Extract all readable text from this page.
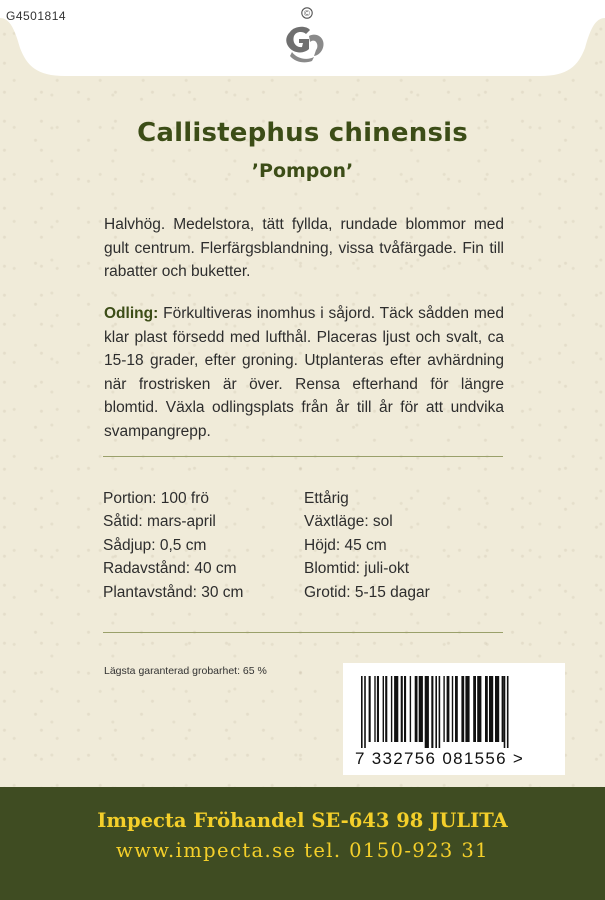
G4501814	©
Callistephus chinensis
’Pompon’
Halvhög. Medelstora, tätt fyllda, rundade blommor med gult centrum. Flerfärgsblandning, vissa tvåfärgade. Fin till rabatter och buketter.
Odling: Förkultiveras inomhus i såjord. Täck sådden med klar plast försedd med lufthål. Placeras ljust och svalt, ca 15-18 grader, efter groning. Utplanteras efter avhärdning när frostrisken är över. Rensa efterhand för längre blomtid. Växla odlingsplats från år till år för att undvika svampangrepp.
Portion: 100 frö
Såtid: mars-april
Sådjup: 0,5 cm
Radavstånd: 40 cm
Plantavstånd: 30 cm
Ettårig
Växtläge: sol
Höjd: 45 cm
Blomtid: juli-okt
Grotid: 5-15 dagar
Lägsta garanterad grobarhet: 65 %
7 332756 081556 >
Impecta Fröhandel SE-643 98 JULITA
www.impecta.se tel. 0150-923 31
